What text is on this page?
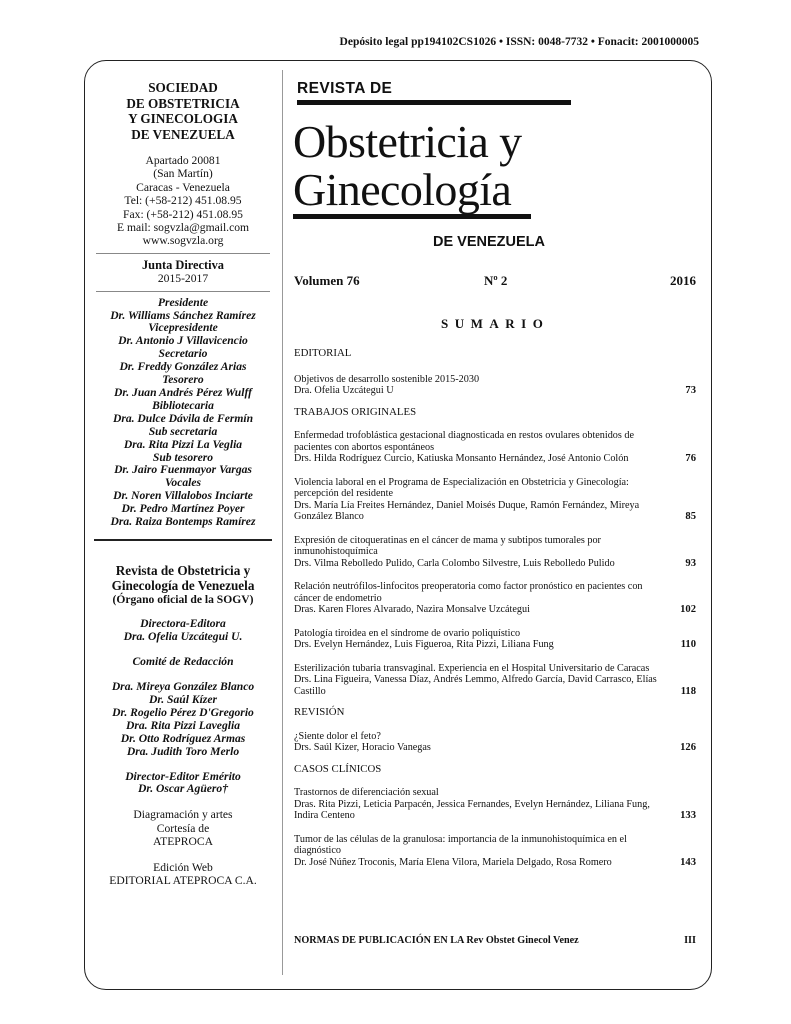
Depósito legal pp194102CS1026 • ISSN: 0048-7732 • Fonacit: 2001000005
SOCIEDAD
DE OBSTETRICIA
Y GINECOLOGIA
DE VENEZUELA
Apartado 20081
(San Martín)
Caracas - Venezuela
Tel: (+58-212) 451.08.95
Fax: (+58-212) 451.08.95
E mail: sogvzla@gmail.com
www.sogvzla.org
Junta Directiva
2015-2017
Presidente
Dr. Williams Sánchez Ramírez
Vicepresidente
Dr. Antonio J Villavicencio
Secretario
Dr. Freddy González Arias
Tesorero
Dr. Juan Andrés Pérez Wulff
Bibliotecaria
Dra. Dulce Dávila de Fermín
Sub secretaria
Dra. Rita Pizzi La Veglia
Sub tesorero
Dr. Jairo Fuenmayor Vargas
Vocales
Dr. Noren Villalobos Inciarte
Dr. Pedro Martínez Poyer
Dra. Raiza Bontemps Ramírez
Revista de Obstetricia y
Ginecología de Venezuela
(Órgano oficial de la SOGV)
Directora-Editora
Dra. Ofelia Uzcátegui U.
Comité de Redacción
Dra. Mireya González Blanco
Dr. Saúl Kízer
Dr. Rogelio Pérez D'Gregorio
Dra. Rita Pizzi Laveglia
Dr. Otto Rodríguez Armas
Dra. Judith Toro Merlo
Director-Editor Emérito
Dr. Oscar Agüero†
Diagramación y artes
Cortesía de
ATEPROCA
Edición Web
EDITORIAL ATEPROCA C.A.
REVISTA DE
Obstetricia y
Ginecología
DE VENEZUELA
Volumen 76	Nº 2	2016
SUMARIO
EDITORIAL
Objetivos de desarrollo sostenible 2015-2030
Dra. Ofelia Uzcátegui U	73
TRABAJOS ORIGINALES
Enfermedad trofoblástica gestacional diagnosticada en restos ovulares obtenidos de pacientes con abortos espontáneos
Drs. Hilda Rodríguez Curcio, Katiuska Monsanto Hernández, José Antonio Colón	76
Violencia laboral en el Programa de Especialización en Obstetricia y Ginecología: percepción del residente
Drs. María Lía Freites Hernández, Daniel Moisés Duque, Ramón Fernández, Mireya González Blanco	85
Expresión de citoqueratinas en el cáncer de mama y subtipos tumorales por inmunohistoquímica
Drs. Vilma Rebolledo Pulido, Carla Colombo Silvestre, Luis Rebolledo Pulido	93
Relación neutrófilos-linfocitos preoperatoria como factor pronóstico en pacientes con cáncer de endometrio
Dras. Karen Flores Alvarado, Nazira Monsalve Uzcátegui	102
Patología tiroidea en el síndrome de ovario poliquístico
Drs. Evelyn Hernández, Luis Figueroa, Rita Pizzi, Liliana Fung	110
Esterilización tubaria transvaginal. Experiencia en el Hospital Universitario de Caracas
Drs. Lina Figueira, Vanessa Díaz, Andrés Lemmo, Alfredo García, David Carrasco, Elías Castillo	118
REVISIÓN
¿Siente dolor el feto?
Drs. Saúl Kizer, Horacio Vanegas	126
CASOS CLÍNICOS
Trastornos de diferenciación sexual
Dras. Rita Pizzi, Leticia Parpacén, Jessica Fernandes, Evelyn Hernández, Liliana Fung, Indira Centeno	133
Tumor de las células de la granulosa: importancia de la inmunohistoquímica en el diagnóstico
Dr. José Núñez Troconis, María Elena Vilora, Mariela Delgado, Rosa Romero	143
NORMAS DE PUBLICACIÓN EN LA Rev Obstet Ginecol Venez	III
